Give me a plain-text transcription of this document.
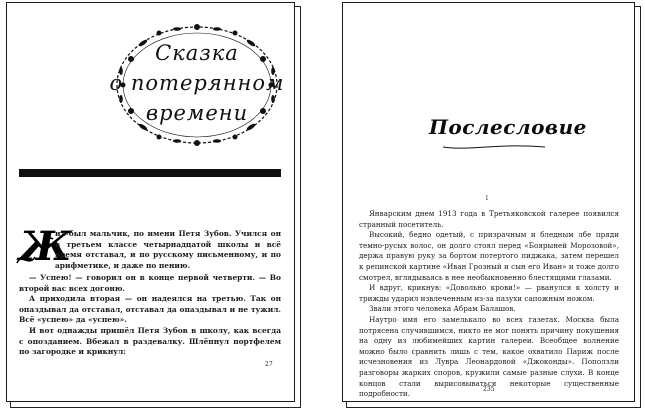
Сказка
о потерянном
времени
Ж

ил-был мальчик, по имени Петя Зубов. Учился он в третьем классе четырнадцатой школы и всё время отставал, и по русскому письменному, и по арифметике, и даже по пению.

— Успею! — говорил он в конце первой четверти. — Во второй вас всех догоню.

А приходила вторая — он надеялся на третью. Так он опаздывал да отставал, отставал да опаздывал и не тужил. Всё «успею» да «успею».

И вот однажды пришёл Петя Зубов в школу, как всегда с опозданием. Вбежал в раздевалку. Шлёпнул портфелем по загородке и крикнул:

27
Послесловие
1

Январским днем 1913 года в Третьяковской галерее появился странный посетитель.

Высокий, бедно одетый, с призрачным и бледным лбе пряди темно-русых волос, он долго стоял перед «Боярыней Морозовой», держа правую руку за бортом потертого пиджака, затем перешел к репинской картине «Иван Грозный и сын его Иван» и тоже долго смотрел, вглядываясь в нее необыкновенно блестящими глазами.

И вдруг, крикнув: «Довольно крови!» — рванулся к холсту и трижды ударил извлеченным из-за пазухи сапожным ножом.

Звали этого человека Абрам Балашов.

Наутро имя его замелькало во всех газетах. Москва была потрясена случившимся, никто не мог понять причину покушения на одну из любимейших картин галереи. Всеобщее волнение можно было сравнить лишь с тем, какое охватило Париж после исчезновения из Лувра Леонардовой «Джоконды». Поползли разговоры жарких споров, кружили самые разные слухи. В конце концов стали вырисовываться некоторые существенные подробности.	235
